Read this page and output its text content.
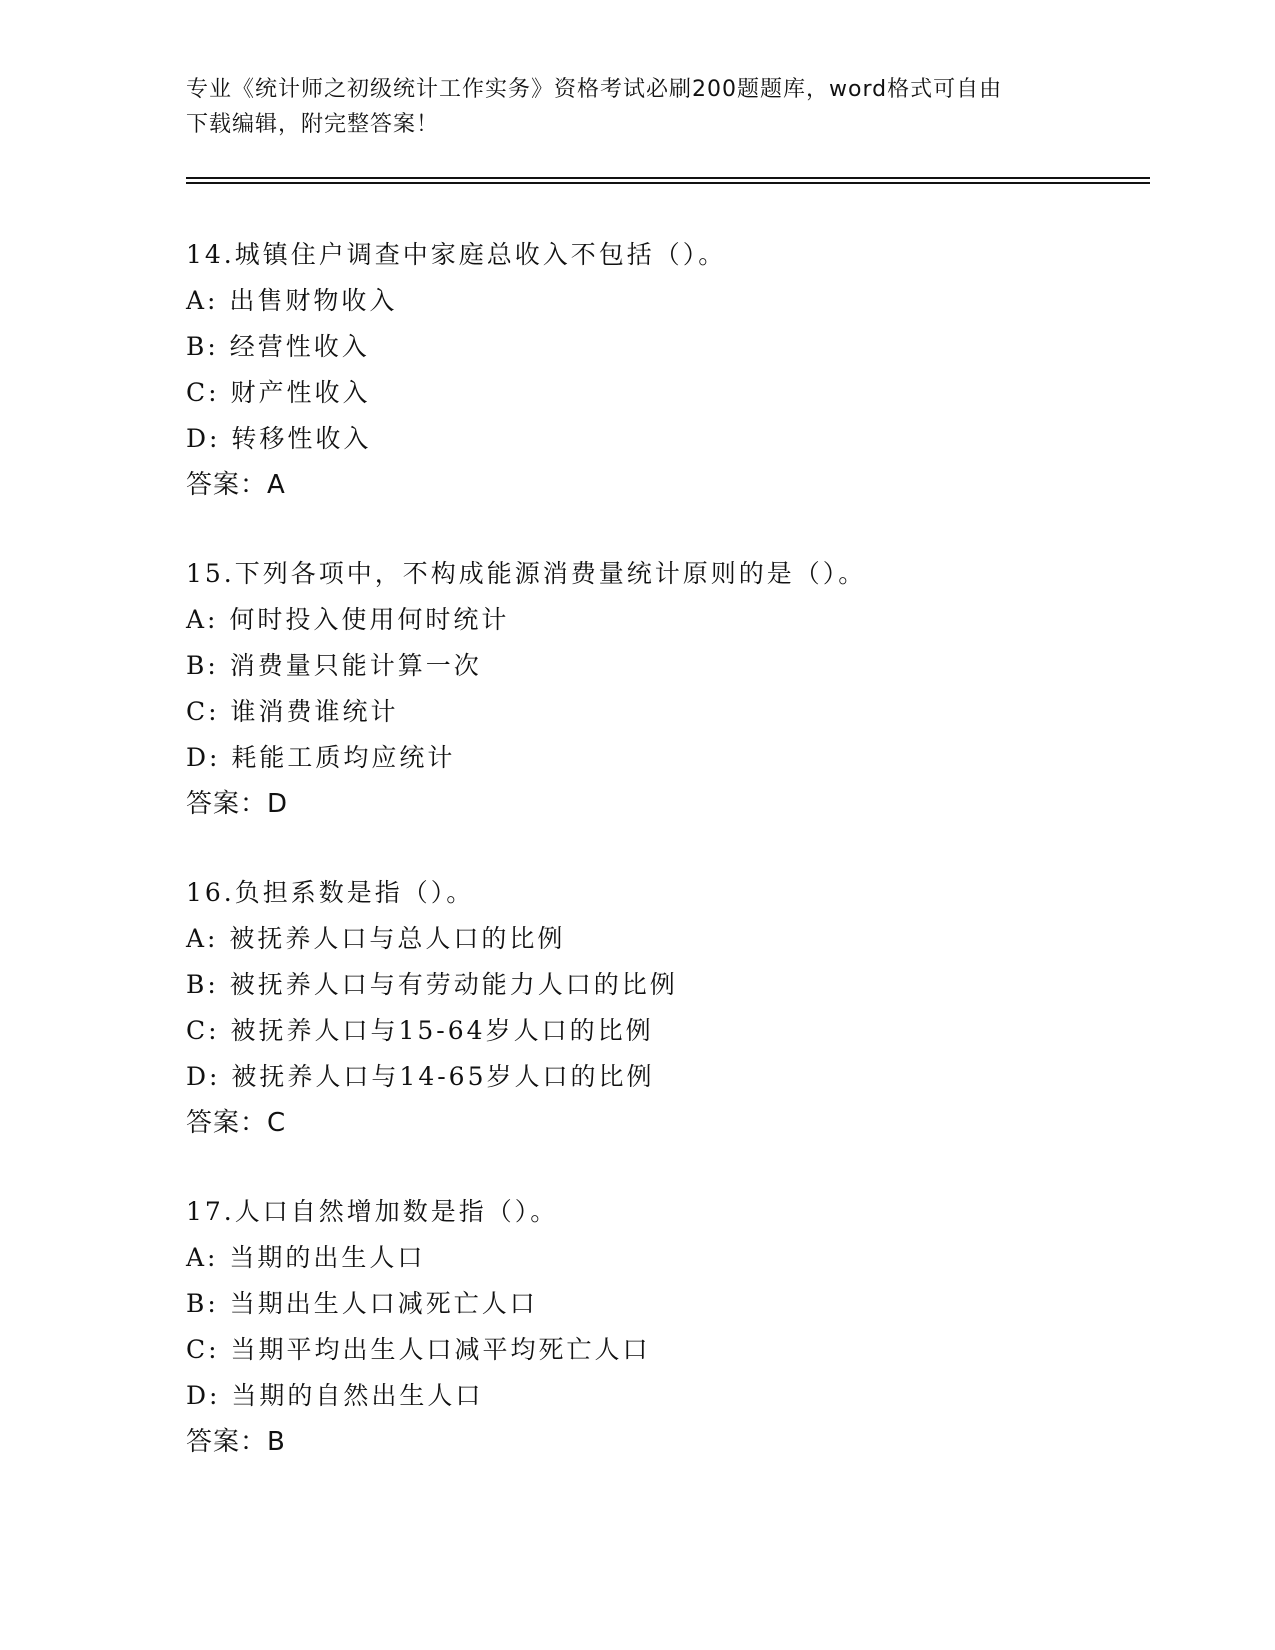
专业《统计师之初级统计工作实务》资格考试必刷200题题库，word格式可自由
下载编辑，附完整答案！
14.城镇住户调查中家庭总收入不包括（）。
A: 出售财物收入
B: 经营性收入
C: 财产性收入
D: 转移性收入
答案：A
15.下列各项中，不构成能源消费量统计原则的是（）。
A: 何时投入使用何时统计
B: 消费量只能计算一次
C: 谁消费谁统计
D: 耗能工质均应统计
答案：D
16.负担系数是指（）。
A: 被抚养人口与总人口的比例
B: 被抚养人口与有劳动能力人口的比例
C: 被抚养人口与15-64岁人口的比例
D: 被抚养人口与14-65岁人口的比例
答案：C
17.人口自然增加数是指（）。
A: 当期的出生人口
B: 当期出生人口减死亡人口
C: 当期平均出生人口减平均死亡人口
D: 当期的自然出生人口
答案：B
